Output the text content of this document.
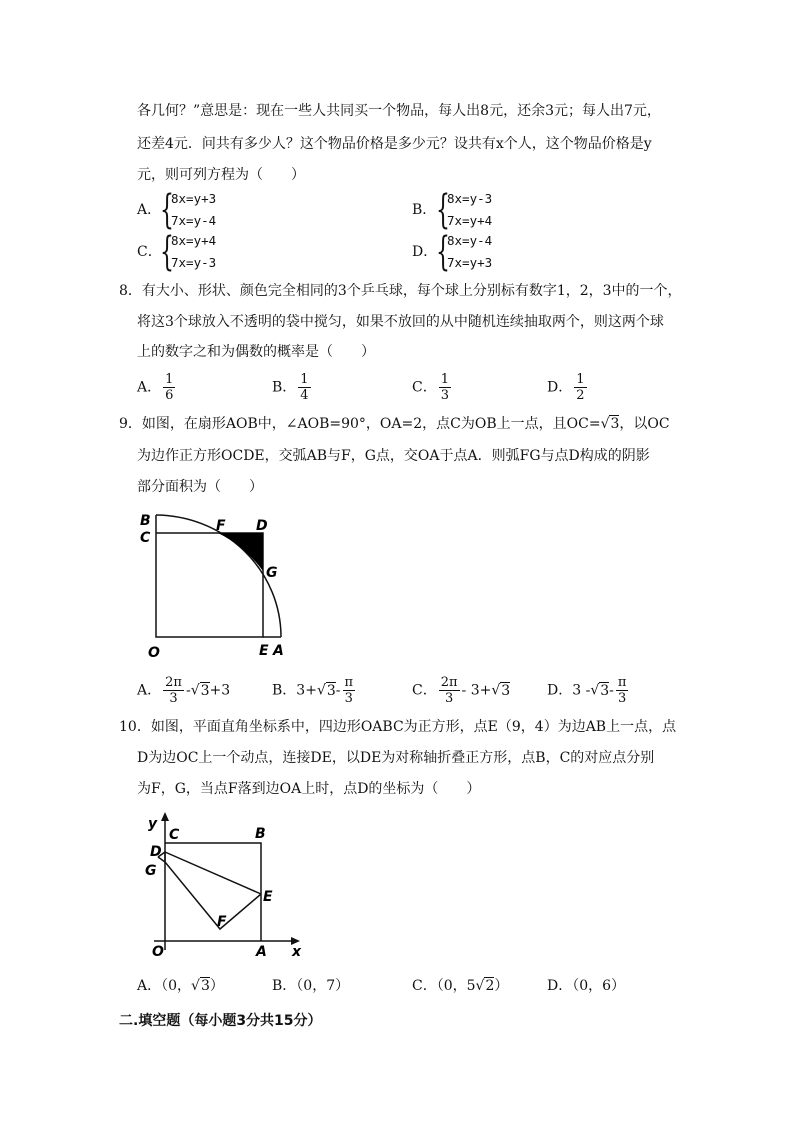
各几何？”意思是：现在一些人共同买一个物品，每人出8元，还余3元；每人出7元，
还差4元．问共有多少人？这个物品价格是多少元？设共有x个人，这个物品价格是y
元，则可列方程为（　　）
A．
{
8x=y+3
7x=y-4
B． {
8x=y-3
7x=y+4
C．
{
8x=y+4
7x=y-3
D．
{
8x=y-4
7x=y+3
8．有大小、形状、颜色完全相同的3个乒乓球，每个球上分别标有数字1，2，3中的一个，
将这3个球放入不透明的袋中搅匀，如果不放回的从中随机连续抽取两个，则这两个球
上的数字之和为偶数的概率是（　　）
A． $\frac{1}{6}$	B． $\frac{1}{4}$	C． $\frac{1}{3}$	D． $\frac{1}{2}$
9．如图，在扇形AOB中，∠AOB=90°，OA=2，点C为OB上一点，且OC=√3，以OC
为边作正方形OCDE，交弧AB与F，G点，交OA于点A．则弧FG与点D构成的阴影
部分面积为（　　）
B
C
F D
G
O	E A
A． $\frac{2\pi}{3} -√3+3$	B．$3+√3- \frac{\pi}{3}$	C． $\frac{2\pi}{3} - 3+√3$	D．3 $-√3- \frac{\pi}{3}$
10．如图，平面直角坐标系中，四边形OABC为正方形，点E（9，4）为边AB上一点，点
D为边OC上一个动点，连接DE，以DE为对称轴折叠正方形，点B，C的对应点分别
为F，G，当点F落到边OA上时，点D的坐标为（　　）
y
C	B
D
G
E
F
O	A x
A．（0，√3）	B．（0，7）	C．（0，5√2）	D．（0，6）
二.填空题（每小题3分共15分）
